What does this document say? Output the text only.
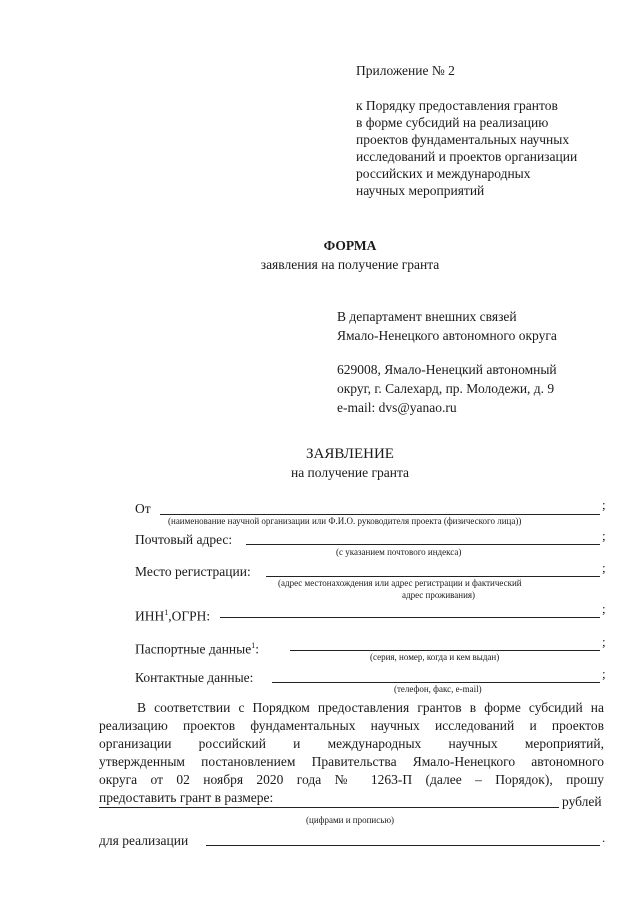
Приложение № 2
к Порядку предоставления грантов
в форме субсидий на реализацию
проектов фундаментальных научных
исследований и проектов организации
российских и международных
научных мероприятий
ФОРМА
заявления на получение гранта
В департамент внешних связей
Ямало-Ненецкого автономного округа
629008, Ямало-Ненецкий автономный
округ, г. Салехард, пр. Молодежи, д. 9
e-mail: dvs@yanao.ru
ЗАЯВЛЕНИЕ
на получение гранта
От	;
(наименование научной организации или Ф.И.О. руководителя проекта (физического лица))
Почтовый адрес:	;
(с указанием почтового индекса)
Место регистрации:	;
(адрес местонахождения или адрес регистрации и фактический
адрес проживания)
ИНН$^1$,ОГРН:	;
Паспортные данные$^1$:	;
(серия, номер, когда и кем выдан)
Контактные данные:	;
(телефон, факс, e-mail)
В соответствии с Порядком предоставления грантов в форме субсидий на
реализацию проектов фундаментальных научных исследований и проектов
организации российский и международных научных мероприятий,
утвержденным постановлением Правительства Ямало-Ненецкого автономного
округа от 02 ноября 2020 года № 1263-П (далее – Порядок), прошу
предоставить грант в размере:	рублей
(цифрами и прописью)
для реализации	.
